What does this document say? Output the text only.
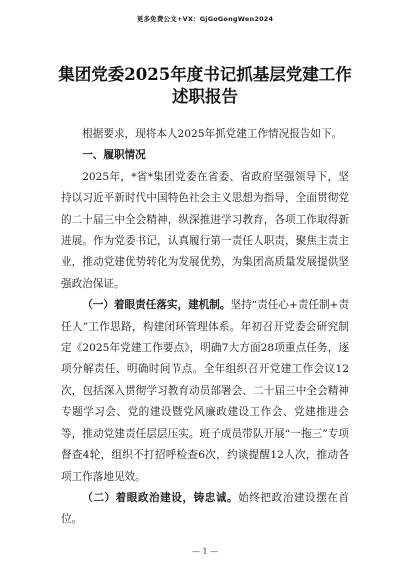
更多免费公文+VX：GjGoGongWen2024
集团党委2025年度书记抓基层党建工作
述职报告

根据要求，现将本人2025年抓党建工作情况报告如下。

一、履职情况

2025年，*省*集团党委在省委、省政府坚强领导下，坚持以习近平新时代中国特色社会主义思想为指导，全面贯彻党的二十届三中全会精神，纵深推进学习教育，各项工作取得新进展。作为党委书记，认真履行第一责任人职责，聚焦主责主业，推动党建优势转化为发展优势，为集团高质量发展提供坚强政治保证。

（一）着眼责任落实，建机制。坚持“责任心+责任制+责任人”工作思路，构建闭环管理体系。年初召开党委会研究制定《2025年党建工作要点》，明确7大方面28项重点任务，逐项分解责任、明确时间节点。全年组织召开党建工作会议12次，包括深入贯彻学习教育动员部署会、二十届三中全会精神专题学习会、党的建设暨党风廉政建设工作会、党建推进会等，推动党建责任层层压实。班子成员带队开展“一拖三”专项督查4轮，组织不打招呼检查6次，约谈提醒12人次，推动各项工作落地见效。

（二）着眼政治建设，铸忠诚。始终把政治建设摆在首位。

— 1 —
